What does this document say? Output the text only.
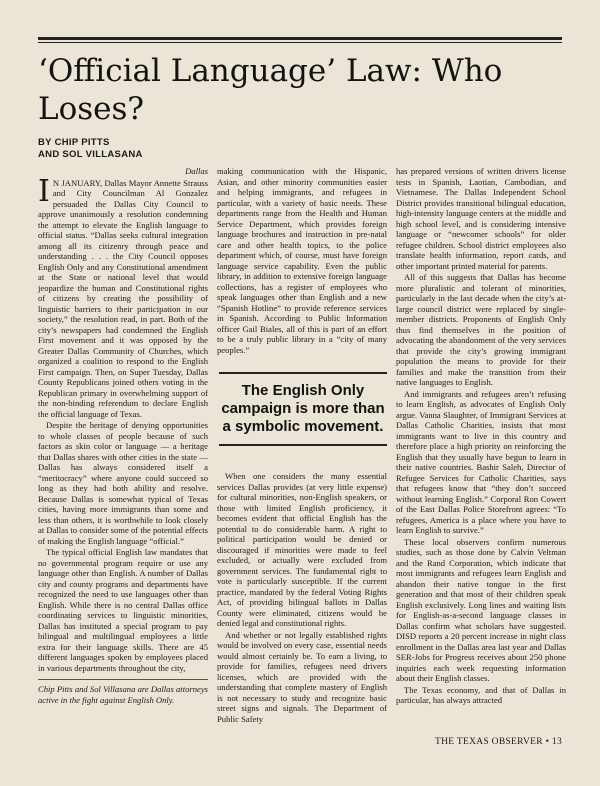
‘Official Language’ Law: Who Loses?
BY CHIP PITTS
AND SOL VILLASANA
Dallas

I N JANUARY, Dallas Mayor Annette Strauss and City Councilman Al Gonzalez persuaded the Dallas City Council to approve unanimously a resolution condemning the attempt to elevate the English language to official status. “Dallas seeks cultural integration among all its citizenry through peace and understanding . . . the City Council opposes English Only and any Constitutional amendment at the State or national level that would jeopardize the human and Constitutional rights of citizens by creating the possibility of linguistic barriers to their participation in our society,” the resolution read, in part. Both of the city’s newspapers had condemned the English First movement and it was opposed by the Greater Dallas Community of Churches, which organized a coalition to respond to the English First campaign. Then, on Super Tuesday, Dallas County Republicans joined others voting in the Republican primary in overwhelming support of the non-binding referendum to declare English the official language of Texas.

Despite the heritage of denying opportunities to whole classes of people because of such factors as skin color or language — a heritage that Dallas shares with other cities in the state — Dallas has always considered itself a “meritocracy” where anyone could succeed so long as they had both ability and resolve. Because Dallas is somewhat typical of Texas cities, having more immigrants than some and less than others, it is worthwhile to look closely at Dallas to consider some of the potential effects of making the English language “official.”

The typical official English law mandates that no governmental program require or use any language other than English. A number of Dallas city and county programs and departments have recognized the need to use languages other than English. While there is no central Dallas office coordinating services to linguistic minorities, Dallas has instituted a special program to pay bilingual and multilingual employees a little extra for their language skills. There are 45 different languages spoken by employees placed in various departments throughout the city,

Chip Pitts and Sol Villasana are Dallas attorneys active in the fight against English Only.

making communication with the Hispanic, Asian, and other minority communities easier and helping immigrants, and refugees in particular, with a variety of basic needs. These departments range from the Health and Human Service Department, which provides foreign language brochures and instruction in pre-natal care and other health topics, to the police department which, of course, must have foreign language service capability. Even the public library, in addition to extensive foreign language collections, has a register of employees who speak languages other than English and a new “Spanish Hotline” to provide reference services in Spanish. According to Public Information officer Gail Biales, all of this is part of an effort to be a truly public library in a “city of many peoples.”

The English Only campaign is more than a symbolic movement.

When one considers the many essential services Dallas provides (at very little expense) for cultural minorities, non-English speakers, or those with limited English proficiency, it becomes evident that official English has the potential to do considerable harm. A right to political participation would be denied or discouraged if minorities were made to feel excluded, or actually were excluded from government services. The fundamental right to vote is particularly susceptible. If the current practice, mandated by the federal Voting Rights Act, of providing bilingual ballots in Dallas County were eliminated, citizens would be denied legal and constitutional rights.

And whether or not legally established rights would be involved on every case, essential needs would almost certainly be. To earn a living, to provide for families, refugees need drivers licenses, which are provided with the understanding that complete mastery of English is not necessary to study and recognize basic street signs and signals. The Department of Public Safety

has prepared versions of written drivers license tests in Spanish, Laotian, Cambodian, and Vietnamese. The Dallas Independent School District provides transitional bilingual education, high-intensity language centers at the middle and high school level, and is considering intensive language or “newcomer schools” for older refugee children. School district employees also translate health information, report cards, and other important printed material for parents.

All of this suggests that Dallas has become more pluralistic and tolerant of minorities, particularly in the last decade when the city’s at-large council district were replaced by single-member districts. Proponents of English Only thus find themselves in the position of advocating the abandonment of the very services that provide the city’s growing immigrant population the means to provide for their families and make the transition from their native languages to English.

And immigrants and refugees aren’t refusing to learn English, as advocates of English Only argue. Vanna Slaughter, of Immigrant Services at Dallas Catholic Charities, insists that most immigrants want to live in this country and therefore place a high priority on reinforcing the English that they usually have begun to learn in their native countries. Bashir Saleh, Director of Refugee Services for Catholic Charities, says that refugees know that “they don’t succeed without learning English.” Corporal Ron Cowert of the East Dallas Police Storefront agrees: “To refugees, America is a place where you have to learn English to survive.”

These local observers confirm numerous studies, such as those done by Calvin Veltman and the Rand Corporation, which indicate that most immigrants and refugees learn English and abandon their native tongue in the first generation and that most of their children speak English exclusively. Long lines and waiting lists for English-as-a-second language classes in Dallas confirm what scholars have suggested. DISD reports a 20 percent increase in night class enrollment in the Dallas area last year and Dallas SER-Jobs for Progress receives about 250 phone inquiries each week requesting information about their English classes.

The Texas economy, and that of Dallas in particular, has always attracted

THE TEXAS OBSERVER • 13
